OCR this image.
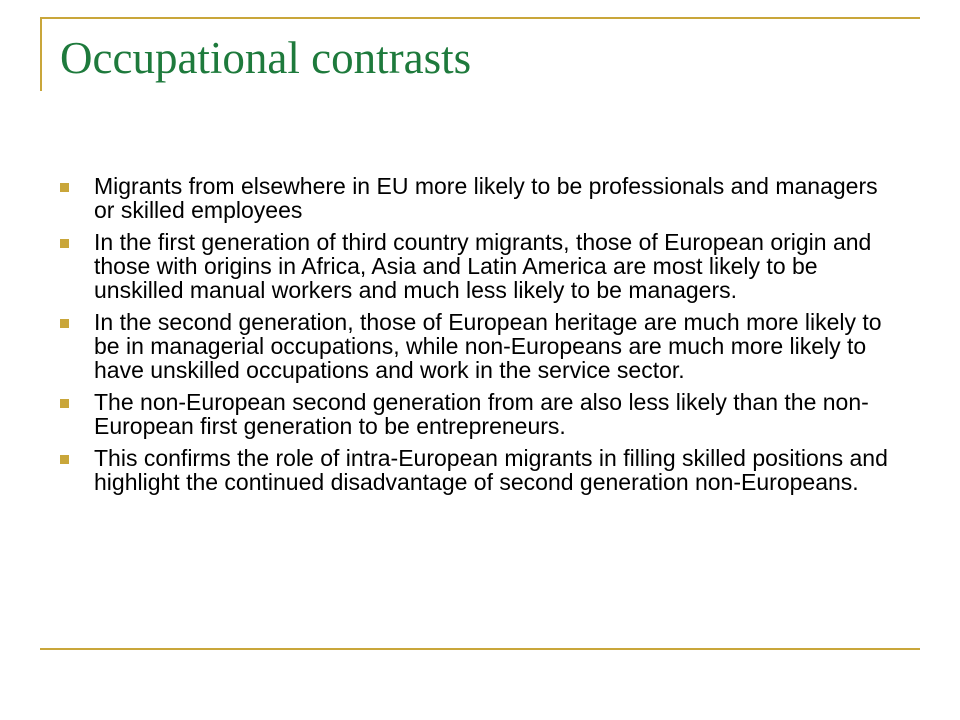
Occupational contrasts
Migrants from elsewhere in EU more likely to be professionals and managers or skilled employees
In the first generation of third country migrants, those of European origin and those with origins in Africa, Asia and Latin America are most likely to be unskilled manual workers and much less likely to be managers.
In the second generation, those of European heritage are much more likely to be in managerial occupations, while non-Europeans are much more likely to have unskilled occupations and work in the service sector.
The non-European second generation from are also less likely than the non-European first generation to be entrepreneurs.
This confirms the role of intra-European migrants in filling skilled positions and highlight the continued disadvantage of second generation non-Europeans.
